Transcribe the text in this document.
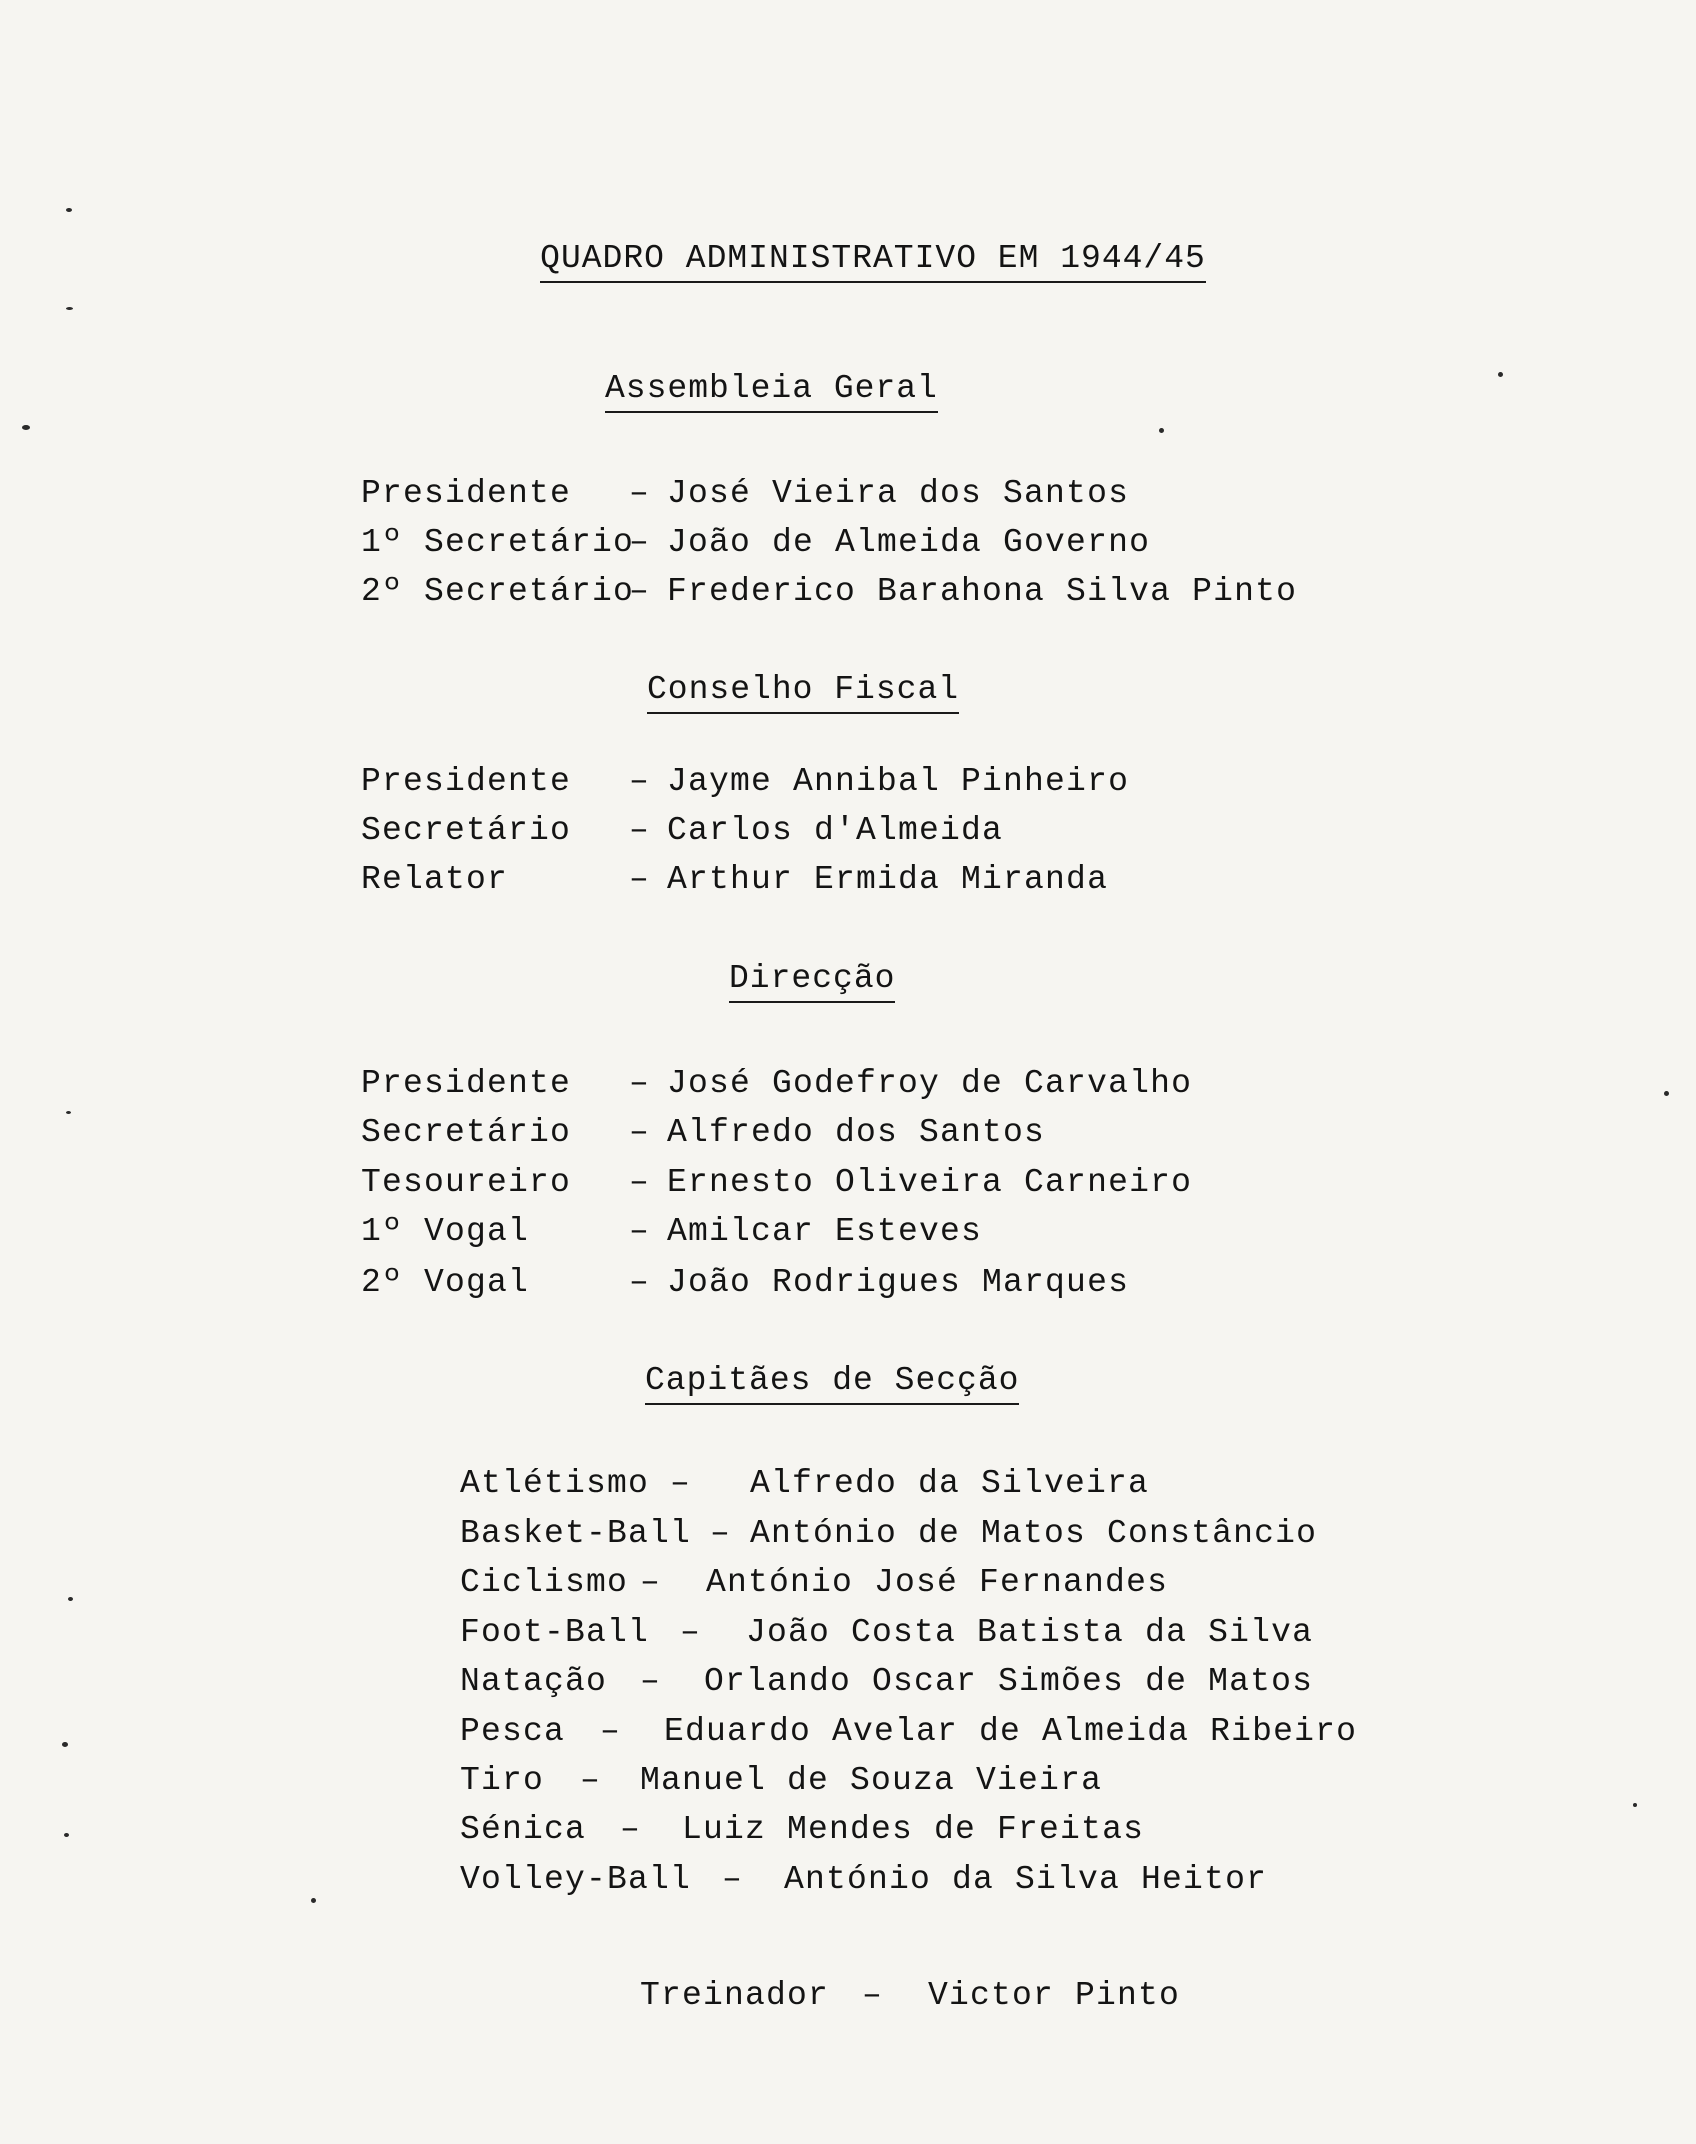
QUADRO ADMINISTRATIVO EM 1944/45
Assembleia Geral
Presidente – José Vieira dos Santos
1º Secretário– João de Almeida Governo
2º Secretário– Frederico Barahona Silva Pinto
Conselho Fiscal
Presidente – Jayme Annibal Pinheiro
Secretário – Carlos d'Almeida
Relator	– Arthur Ermida Miranda
Direcção
Presidente – José Godefroy de Carvalho
Secretário – Alfredo dos Santos
Tesoureiro – Ernesto Oliveira Carneiro
1º Vogal	– Amilcar Esteves
2º Vogal	– João Rodrigues Marques
Capitães de Secção
Atlétismo – Alfredo da Silveira
Basket-Ball – António de Matos Constâncio
Ciclismo – António José Fernandes
Foot-Ball – João Costa Batista da Silva
Natação – Orlando Oscar Simões de Matos
Pesca – Eduardo Avelar de Almeida Ribeiro
Tiro – Manuel de Souza Vieira
Sénica – Luiz Mendes de Freitas
Volley-Ball – António da Silva Heitor
Treinador – Victor Pinto
